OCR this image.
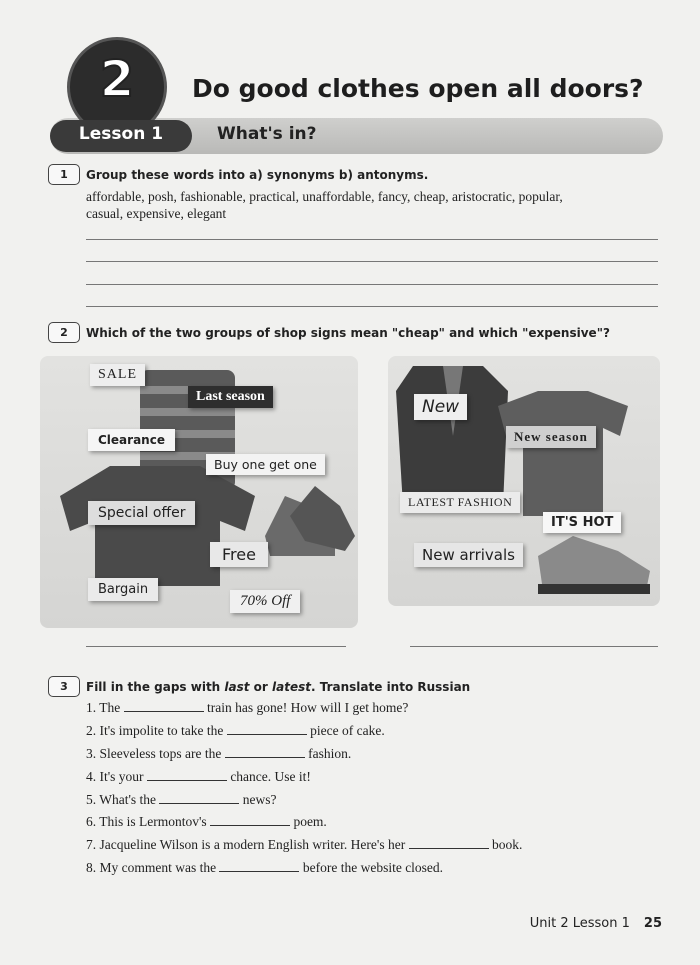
2	Do good clothes open all doors?
Lesson 1	What's in?
1	Group these words into a) synonyms b) antonyms.
affordable, posh, fashionable, practical, unaffordable, fancy, cheap, aristocratic, popular, casual, expensive, elegant
2	Which of the two groups of shop signs mean "cheap" and which "expensive"?
SALE
Last season
Clearance
Buy one get one
Special offer
Free
Bargain
70% Off
New
New season
LATEST FASHION
IT'S HOT
New arrivals
3	Fill in the gaps with last or latest. Translate into Russian
1. The	train has gone! How will I get home?
2. It's impolite to take the	piece of cake.
3. Sleeveless tops are the	fashion.
4. It's your	chance. Use it!
5. What's the	news?
6. This is Lermontov's	poem.
7. Jacqueline Wilson is a modern English writer. Here's her	book.
8. My comment was the	before the website closed.
Unit 2 Lesson 1 25
